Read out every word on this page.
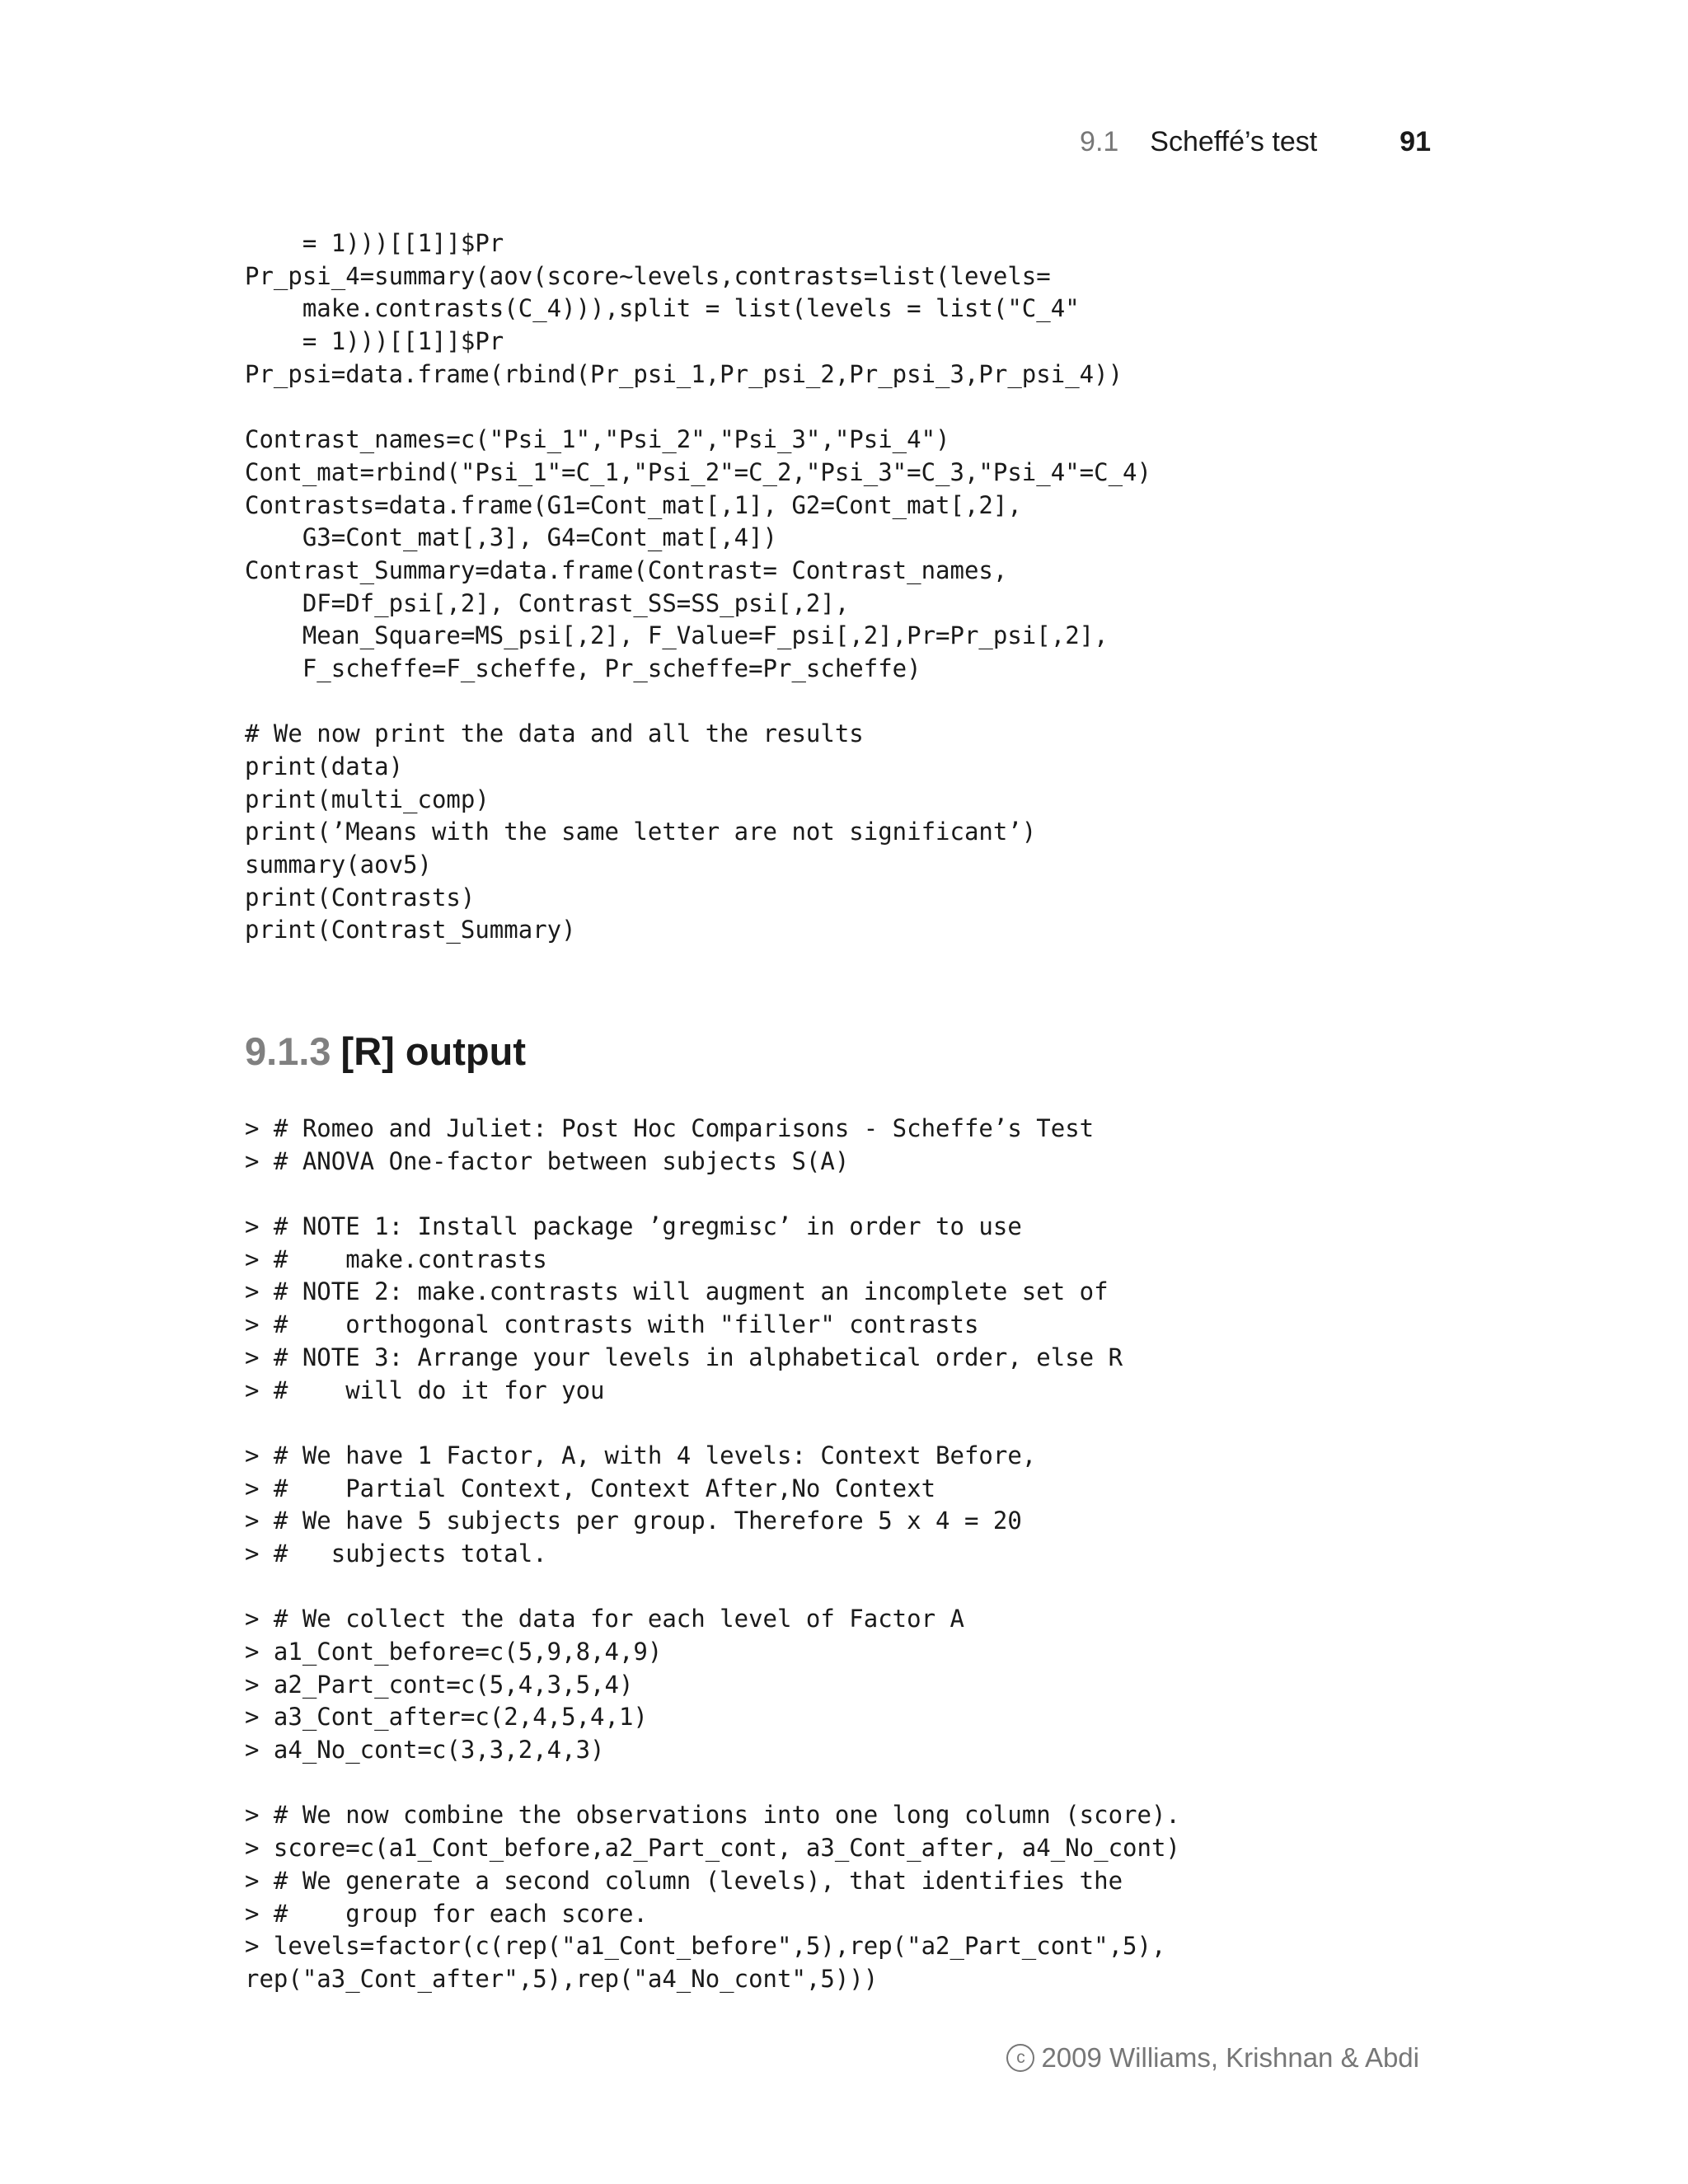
9.1 Scheffé’s test	91
= 1)))[[1]]$Pr
Pr_psi_4=summary(aov(score~levels,contrasts=list(levels=
make.contrasts(C_4))),split = list(levels = list("C_4"
= 1)))[[1]]$Pr
Pr_psi=data.frame(rbind(Pr_psi_1,Pr_psi_2,Pr_psi_3,Pr_psi_4))
Contrast_names=c("Psi_1","Psi_2","Psi_3","Psi_4")
Cont_mat=rbind("Psi_1"=C_1,"Psi_2"=C_2,"Psi_3"=C_3,"Psi_4"=C_4)
Contrasts=data.frame(G1=Cont_mat[,1], G2=Cont_mat[,2],
G3=Cont_mat[,3], G4=Cont_mat[,4])
Contrast_Summary=data.frame(Contrast= Contrast_names,
DF=Df_psi[,2], Contrast_SS=SS_psi[,2],
Mean_Square=MS_psi[,2], F_Value=F_psi[,2],Pr=Pr_psi[,2],
F_scheffe=F_scheffe, Pr_scheffe=Pr_scheffe)
# We now print the data and all the results
print(data)
print(multi_comp)
print(’Means with the same letter are not significant’)
summary(aov5)
print(Contrasts)
print(Contrast_Summary)
9.1.3 [R] output
> # Romeo and Juliet: Post Hoc Comparisons - Scheffe’s Test
> # ANOVA One-factor between subjects S(A)
> # NOTE 1: Install package ’gregmisc’ in order to use
> #    make.contrasts
> # NOTE 2: make.contrasts will augment an incomplete set of
> #    orthogonal contrasts with "filler" contrasts
> # NOTE 3: Arrange your levels in alphabetical order, else R
> #    will do it for you
> # We have 1 Factor, A, with 4 levels: Context Before,
> #    Partial Context, Context After,No Context
> # We have 5 subjects per group. Therefore 5 x 4 = 20
> #   subjects total.
> # We collect the data for each level of Factor A
> a1_Cont_before=c(5,9,8,4,9)
> a2_Part_cont=c(5,4,3,5,4)
> a3_Cont_after=c(2,4,5,4,1)
> a4_No_cont=c(3,3,2,4,3)
> # We now combine the observations into one long column (score).
> score=c(a1_Cont_before,a2_Part_cont, a3_Cont_after, a4_No_cont)
> # We generate a second column (levels), that identifies the
> #    group for each score.
> levels=factor(c(rep("a1_Cont_before",5),rep("a2_Part_cont",5),
rep("a3_Cont_after",5),rep("a4_No_cont",5)))
c 2009 Williams, Krishnan & Abdi
